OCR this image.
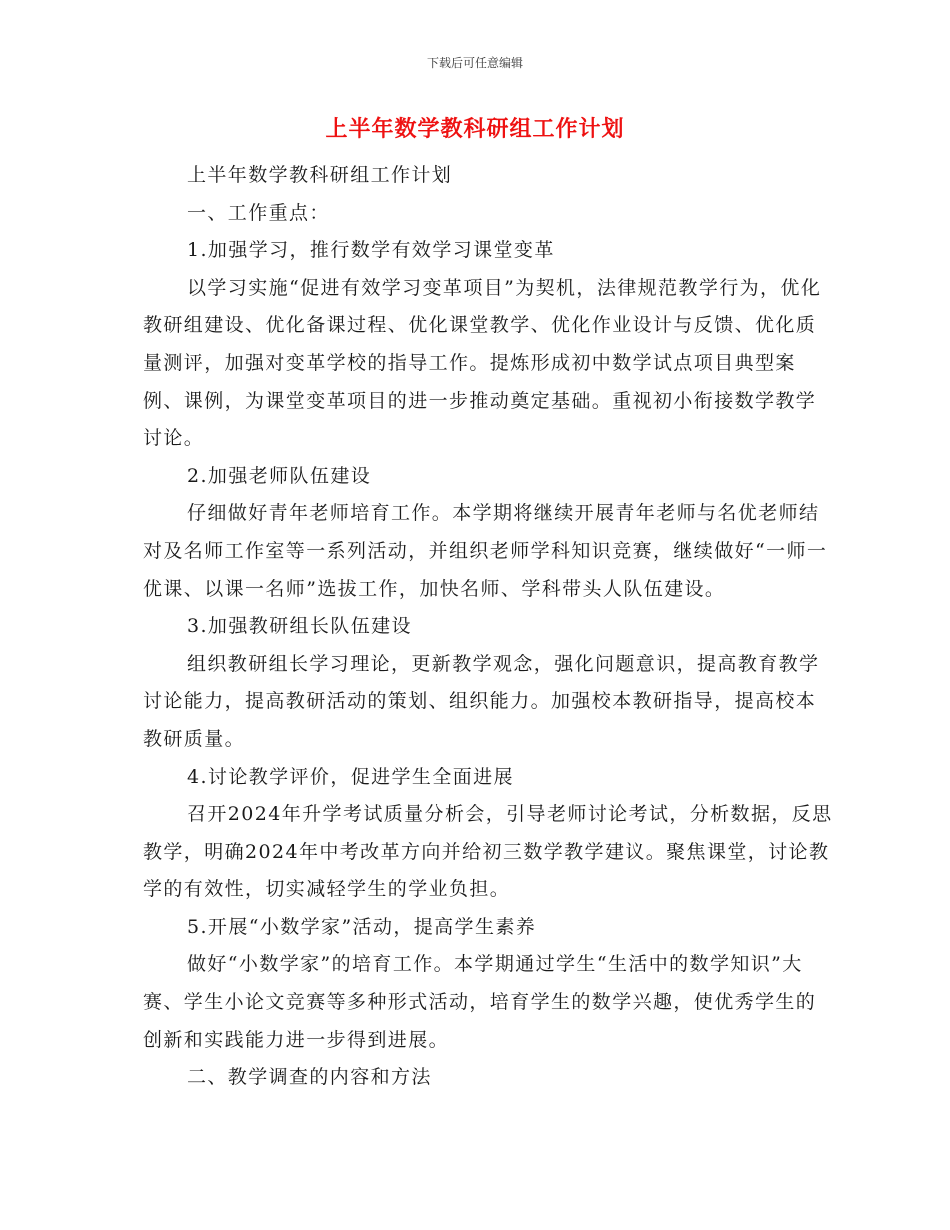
下载后可任意编辑
上半年数学教科研组工作计划

上半年数学教科研组工作计划

一、工作重点：

1.加强学习，推行数学有效学习课堂变革

以学习实施“促进有效学习变革项目”为契机，法律规范教学行为，优化教研组建设、优化备课过程、优化课堂教学、优化作业设计与反馈、优化质量测评，加强对变革学校的指导工作。提炼形成初中数学试点项目典型案例、课例，为课堂变革项目的进一步推动奠定基础。重视初小衔接数学教学讨论。

2.加强老师队伍建设

仔细做好青年老师培育工作。本学期将继续开展青年老师与名优老师结对及名师工作室等一系列活动，并组织老师学科知识竞赛，继续做好“一师一优课、以课一名师”选拔工作，加快名师、学科带头人队伍建设。

3.加强教研组长队伍建设

组织教研组长学习理论，更新教学观念，强化问题意识，提高教育教学讨论能力，提高教研活动的策划、组织能力。加强校本教研指导，提高校本教研质量。

4.讨论教学评价，促进学生全面进展

召开2024年升学考试质量分析会，引导老师讨论考试，分析数据，反思教学，明确2024年中考改革方向并给初三数学教学建议。聚焦课堂，讨论教学的有效性，切实减轻学生的学业负担。

5.开展“小数学家”活动，提高学生素养

做好“小数学家”的培育工作。本学期通过学生“生活中的数学知识”大赛、学生小论文竞赛等多种形式活动，培育学生的数学兴趣，使优秀学生的创新和实践能力进一步得到进展。

二、教学调查的内容和方法
